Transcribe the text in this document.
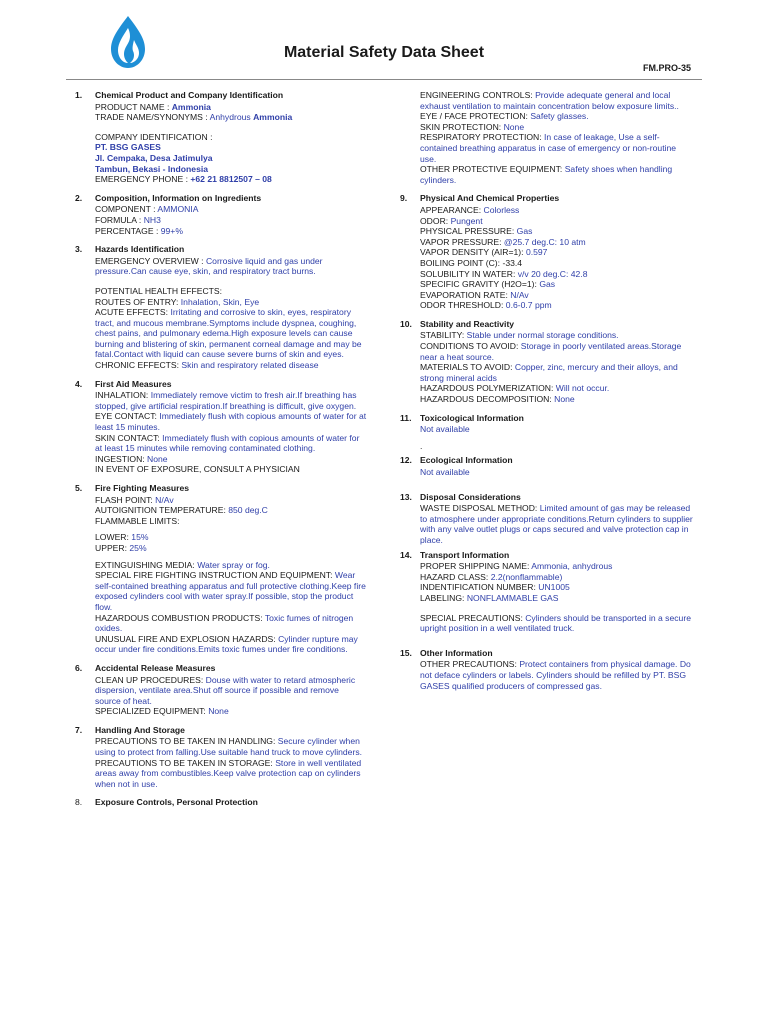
Material Safety Data Sheet
FM.PRO-35
1. Chemical Product and Company Identification
PRODUCT NAME : Ammonia
TRADE NAME/SYNONYMS : Anhydrous Ammonia
COMPANY IDENTIFICATION :
PT. BSG GASES
Jl. Cempaka, Desa Jatimulya
Tambun, Bekasi - Indonesia
EMERGENCY PHONE : +62 21 8812507 – 08
2. Composition, Information on Ingredients
COMPONENT : AMMONIA
FORMULA : NH3
PERCENTAGE : 99+%
3. Hazards Identification
EMERGENCY OVERVIEW : Corrosive liquid and gas under pressure.Can cause eye, skin, and respiratory tract burns.
POTENTIAL HEALTH EFFECTS:
ROUTES OF ENTRY: Inhalation, Skin, Eye
ACUTE EFFECTS: Irritating and corrosive to skin, eyes, respiratory tract, and mucous membrane.Symptoms include dyspnea, coughing, chest pains, and pulmonary edema.High exposure levels can cause burning and blistering of skin, permanent corneal damage and may be fatal.Contact with liquid can cause severe burns of skin and eyes.
CHRONIC EFFECTS: Skin and respiratory related disease
4. First Aid Measures
INHALATION: Immediately remove victim to fresh air.If breathing has stopped, give artificial respiration.If breathing is difficult, give oxygen.
EYE CONTACT: Immediately flush with copious amounts of water for at least 15 minutes.
SKIN CONTACT: Immediately flush with copious amounts of water for at least 15 minutes while removing contaminated clothing.
INGESTION: None
IN EVENT OF EXPOSURE, CONSULT A PHYSICIAN
5. Fire Fighting Measures
FLASH POINT: N/Av
AUTOIGNITION TEMPERATURE: 850 deg.C
FLAMMABLE LIMITS:
LOWER: 15%
UPPER: 25%
EXTINGUISHING MEDIA: Water spray or fog.
SPECIAL FIRE FIGHTING INSTRUCTION AND EQUIPMENT: Wear self-contained breathing apparatus and full protective clothing.Keep fire exposed cylinders cool with water spray.If possible, stop the product flow.
HAZARDOUS COMBUSTION PRODUCTS: Toxic fumes of nitrogen oxides.
UNUSUAL FIRE AND EXPLOSION HAZARDS: Cylinder rupture may occur under fire conditions.Emits toxic fumes under fire conditions.
6. Accidental Release Measures
CLEAN UP PROCEDURES: Douse with water to retard atmospheric dispersion, ventilate area.Shut off source if possible and remove source of heat.
SPECIALIZED EQUIPMENT: None
7. Handling And Storage
PRECAUTIONS TO BE TAKEN IN HANDLING: Secure cylinder when using to protect from falling.Use suitable hand truck to move cylinders.
PRECAUTIONS TO BE TAKEN IN STORAGE: Store in well ventilated areas away from combustibles.Keep valve protection cap on cylinders when not in use.
8. Exposure Controls, Personal Protection
ENGINEERING CONTROLS: Provide adequate general and local exhaust ventilation to maintain concentration below exposure limits..
EYE / FACE PROTECTION: Safety glasses.
SKIN PROTECTION: None
RESPIRATORY PROTECTION: In case of leakage, Use a self-contained breathing apparatus in case of emergency or non-routine use.
OTHER PROTECTIVE EQUIPMENT: Safety shoes when handling cylinders.
9. Physical And Chemical Properties
APPEARANCE: Colorless
ODOR: Pungent
PHYSICAL PRESSURE: Gas
VAPOR PRESSURE: @25.7 deg.C: 10 atm
VAPOR DENSITY (AIR=1): 0.597
BOILING POINT (C): -33.4
SOLUBILITY IN WATER: v/v 20 deg.C: 42.8
SPECIFIC GRAVITY (H2O=1): Gas
EVAPORATION RATE: N/Av
ODOR THRESHOLD: 0.6-0.7 ppm
10. Stability and Reactivity
STABILITY: Stable under normal storage conditions.
CONDITIONS TO AVOID: Storage in poorly ventilated areas.Storage near a heat source.
MATERIALS TO AVOID: Copper, zinc, mercury and their alloys, and strong mineral acids
HAZARDOUS POLYMERIZATION: Will not occur.
HAZARDOUS DECOMPOSITION: None
11. Toxicological Information
Not available
.
12. Ecological Information
Not available
13. Disposal Considerations
WASTE DISPOSAL METHOD: Limited amount of gas may be released to atmosphere under appropriate conditions.Return cylinders to supplier with any valve outlet plugs or caps secured and valve protection cap in place.
14. Transport Information
PROPER SHIPPING NAME: Ammonia, anhydrous
HAZARD CLASS: 2.2(nonflammable)
INDENTIFICATION NUMBER: UN1005
LABELING: NONFLAMMABLE GAS
SPECIAL PRECAUTIONS: Cylinders should be transported in a secure upright position in a well ventilated truck.
15. Other Information
OTHER PRECAUTIONS: Protect containers from physical damage. Do not deface cylinders or labels. Cylinders should be refilled by PT. BSG GASES qualified producers of compressed gas.
